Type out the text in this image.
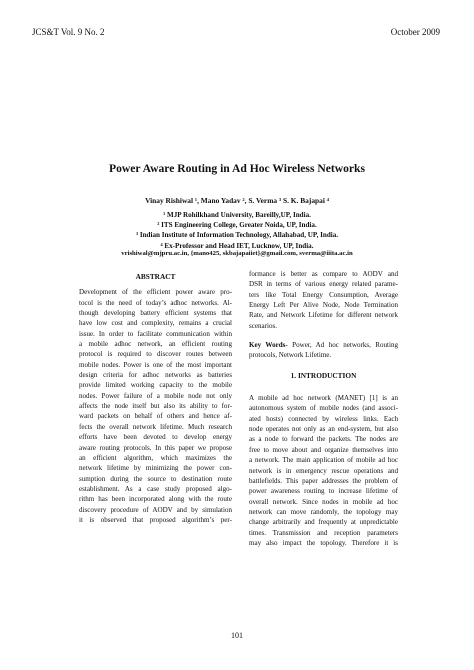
JCS&T Vol. 9 No. 2	October 2009
Power Aware Routing in Ad Hoc Wireless Networks
Vinay Rishiwal ¹, Mano Yadav ², S. Verma ³ S. K. Bajapai ⁴
¹ MJP Rohilkhand University, Bareilly,UP, India.
² ITS Engineering College, Greater Noida, UP, India.
³ Indian Institute of Information Technology, Allahabad, UP, India.
⁴ Ex-Professor and Head IET, Lucknow, UP, India.
vrishiwal@mjpru.ac.in, {mano425, skbajapaiiet}@gmail.com, sverma@iiita.ac.in
ABSTRACT
Development of the efficient power aware pro-
tocol is the need of today’s adhoc networks. Al-
though developing battery efficient systems that
have low cost and complexity, remains a crucial
issue. In order to facilitate communication within
a mobile adhoc network, an efficient routing
protocol is required to discover routes between
mobile nodes. Power is one of the most important
design criteria for adhoc networks as batteries
provide limited working capacity to the mobile
nodes. Power failure of a mobile node not only
affects the node itself but also its ability to for-
ward packets on behalf of others and hence af-
fects the overall network lifetime. Much research
efforts have been devoted to develop energy
aware routing protocols. In this paper we propose
an efficient algorithm, which maximizes the
network lifetime by minimizing the power con-
sumption during the source to destination route
establishment. As a case study proposed algo-
rithm has been incorporated along with the route
discovery procedure of AODV and by simulation
it is observed that proposed algorithm’s per-
formance is better as compare to AODV and
DSR in terms of various energy related parame-
ters like Total Energy Consumption, Average
Energy Left Per Alive Node, Node Termination
Rate, and Network Lifetime for different network
scenarios.
Key Words- Power, Ad hoc networks, Routing
protocols, Network Lifetime.
1. INTRODUCTION
A mobile ad hoc network (MANET) [1] is an
autonomous system of mobile nodes (and associ-
ated hosts) connected by wireless links. Each
node operates not only as an end-system, but also
as a node to forward the packets. The nodes are
free to move about and organize themselves into
a network. The main application of mobile ad hoc
network is in emergency rescue operations and
battlefields. This paper addresses the problem of
power awareness routing to increase lifetime of
overall network. Since nodes in mobile ad hoc
network can move randomly, the topology may
change arbitrarily and frequently at unpredictable
times. Transmission and reception parameters
may also impact the topology. Therefore it is
101
